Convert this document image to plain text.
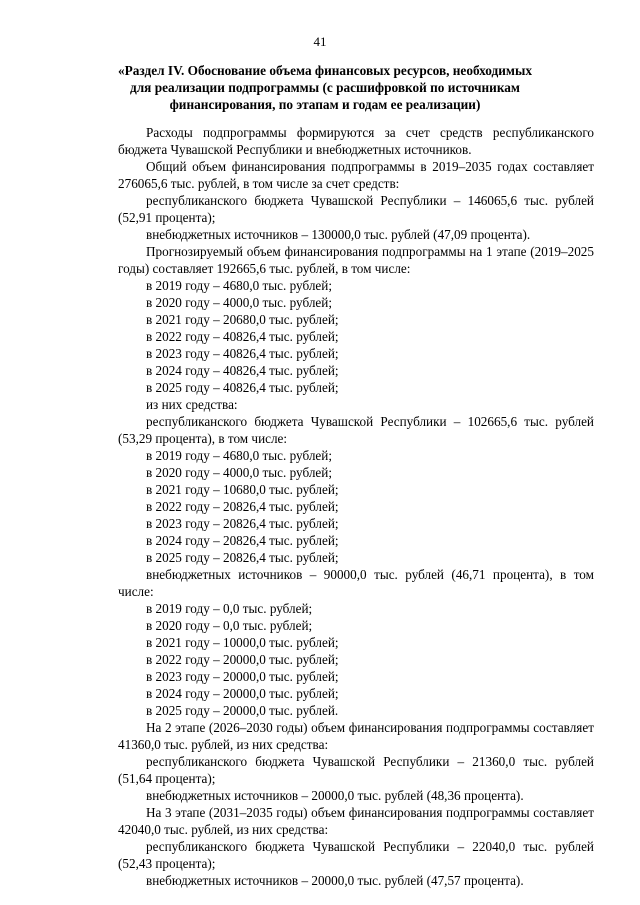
41
«Раздел IV. Обоснование объема финансовых ресурсов, необходимых для реализации подпрограммы (с расшифровкой по источникам финансирования, по этапам и годам ее реализации)

Расходы подпрограммы формируются за счет средств республиканского бюджета Чувашской Республики и внебюджетных источников.

Общий объем финансирования подпрограммы в 2019–2035 годах составляет 276065,6 тыс. рублей, в том числе за счет средств:

республиканского бюджета Чувашской Республики – 146065,6 тыс. рублей (52,91 процента);

внебюджетных источников – 130000,0 тыс. рублей (47,09 процента).

Прогнозируемый объем финансирования подпрограммы на 1 этапе (2019–2025 годы) составляет 192665,6 тыс. рублей, в том числе:

в 2019 году – 4680,0 тыс. рублей;

в 2020 году – 4000,0 тыс. рублей;

в 2021 году – 20680,0 тыс. рублей;

в 2022 году – 40826,4 тыс. рублей;

в 2023 году – 40826,4 тыс. рублей;

в 2024 году – 40826,4 тыс. рублей;

в 2025 году – 40826,4 тыс. рублей;

из них средства:

республиканского бюджета Чувашской Республики – 102665,6 тыс. рублей (53,29 процента), в том числе:

в 2019 году – 4680,0 тыс. рублей;

в 2020 году – 4000,0 тыс. рублей;

в 2021 году – 10680,0 тыс. рублей;

в 2022 году – 20826,4 тыс. рублей;

в 2023 году – 20826,4 тыс. рублей;

в 2024 году – 20826,4 тыс. рублей;

в 2025 году – 20826,4 тыс. рублей;

внебюджетных источников – 90000,0 тыс. рублей (46,71 процента), в том числе:

в 2019 году – 0,0 тыс. рублей;

в 2020 году – 0,0 тыс. рублей;

в 2021 году – 10000,0 тыс. рублей;

в 2022 году – 20000,0 тыс. рублей;

в 2023 году – 20000,0 тыс. рублей;

в 2024 году – 20000,0 тыс. рублей;

в 2025 году – 20000,0 тыс. рублей.

На 2 этапе (2026–2030 годы) объем финансирования подпрограммы составляет 41360,0 тыс. рублей, из них средства:

республиканского бюджета Чувашской Республики – 21360,0 тыс. рублей (51,64 процента);

внебюджетных источников – 20000,0 тыс. рублей (48,36 процента).

На 3 этапе (2031–2035 годы) объем финансирования подпрограммы составляет 42040,0 тыс. рублей, из них средства:

республиканского бюджета Чувашской Республики – 22040,0 тыс. рублей (52,43 процента);

внебюджетных источников – 20000,0 тыс. рублей (47,57 процента).
